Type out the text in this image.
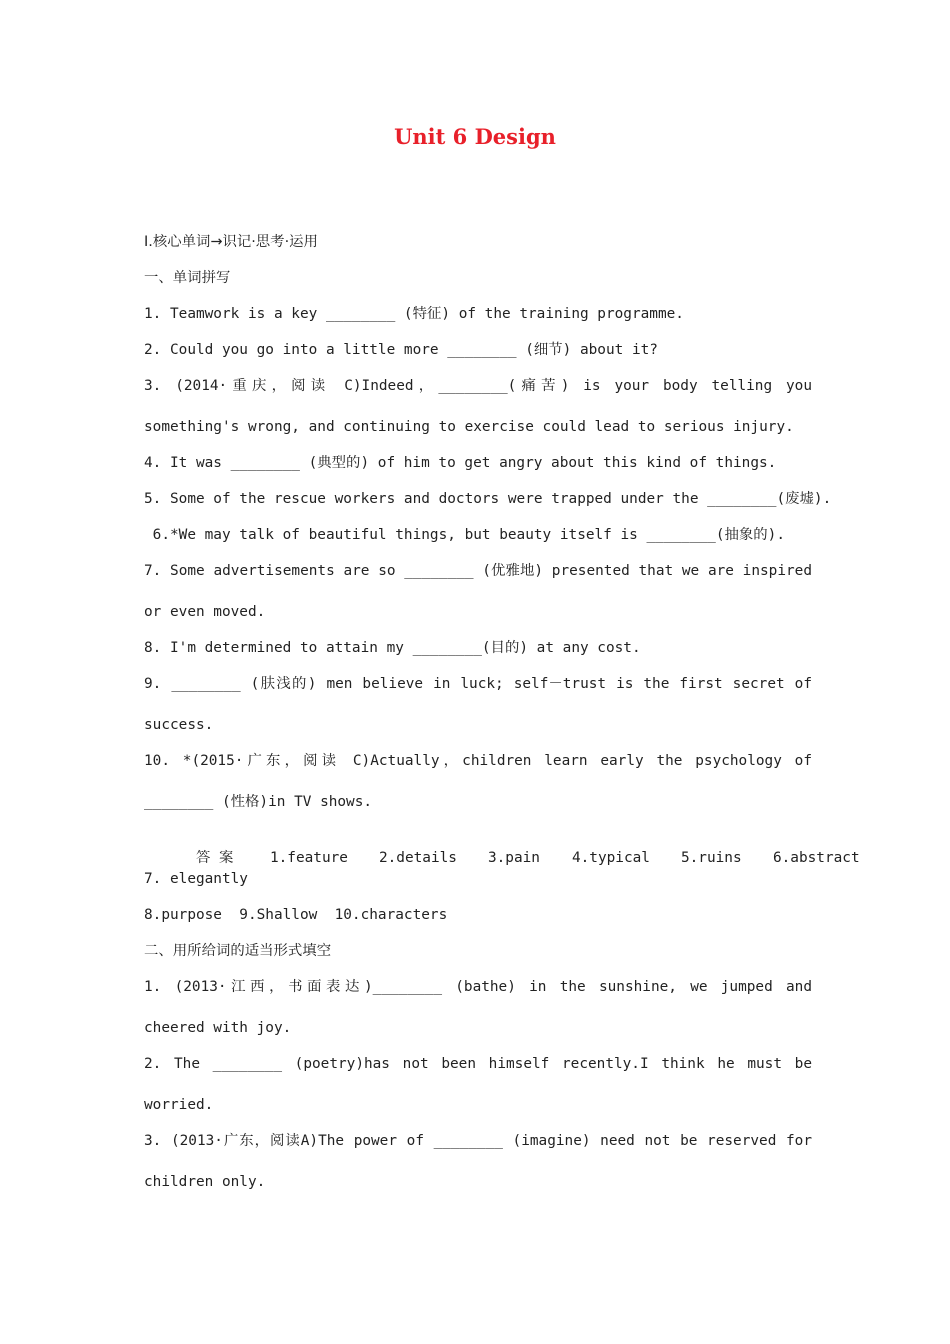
Unit 6 Design
Ⅰ.核心单词→识记·思考·运用
一、单词拼写
1. Teamwork is a key ________ (特征) of the training programme.
2. Could you go into a little more ________ (细节) about it?
3. (2014·重庆，阅读 C)Indeed，________(痛苦) is your body telling you
something's wrong, and continuing to exercise could lead to serious injury.
4. It was ________ (典型的) of him to get angry about this kind of things.
5. Some of the rescue workers and doctors were trapped under the ________(废墟).
6.*We may talk of beautiful things, but beauty itself is ________(抽象的).
7. Some advertisements are so ________ (优雅地) presented that we are inspired
or even moved.
8. I'm determined to attain my ________(目的) at any cost.
9. ________ (肤浅的) men believe in luck; self－trust is the first secret of
success.
10. *(2015·广东，阅读 C)Actually，children learn early the psychology of
________ (性格)in TV shows.

答 案	1.feature 2.details 3.pain 4.typical 5.ruins 6.abstract

7. elegantly
8.purpose  9.Shallow  10.characters
二、用所给词的适当形式填空
1. (2013·江西，书面表达)________ (bathe) in the sunshine, we jumped and
cheered with joy.
2. The ________ (poetry)has not been himself recently.I think he must be
worried.
3. (2013·广东，阅读A)The power of ________ (imagine) need not be reserved for
children only.
